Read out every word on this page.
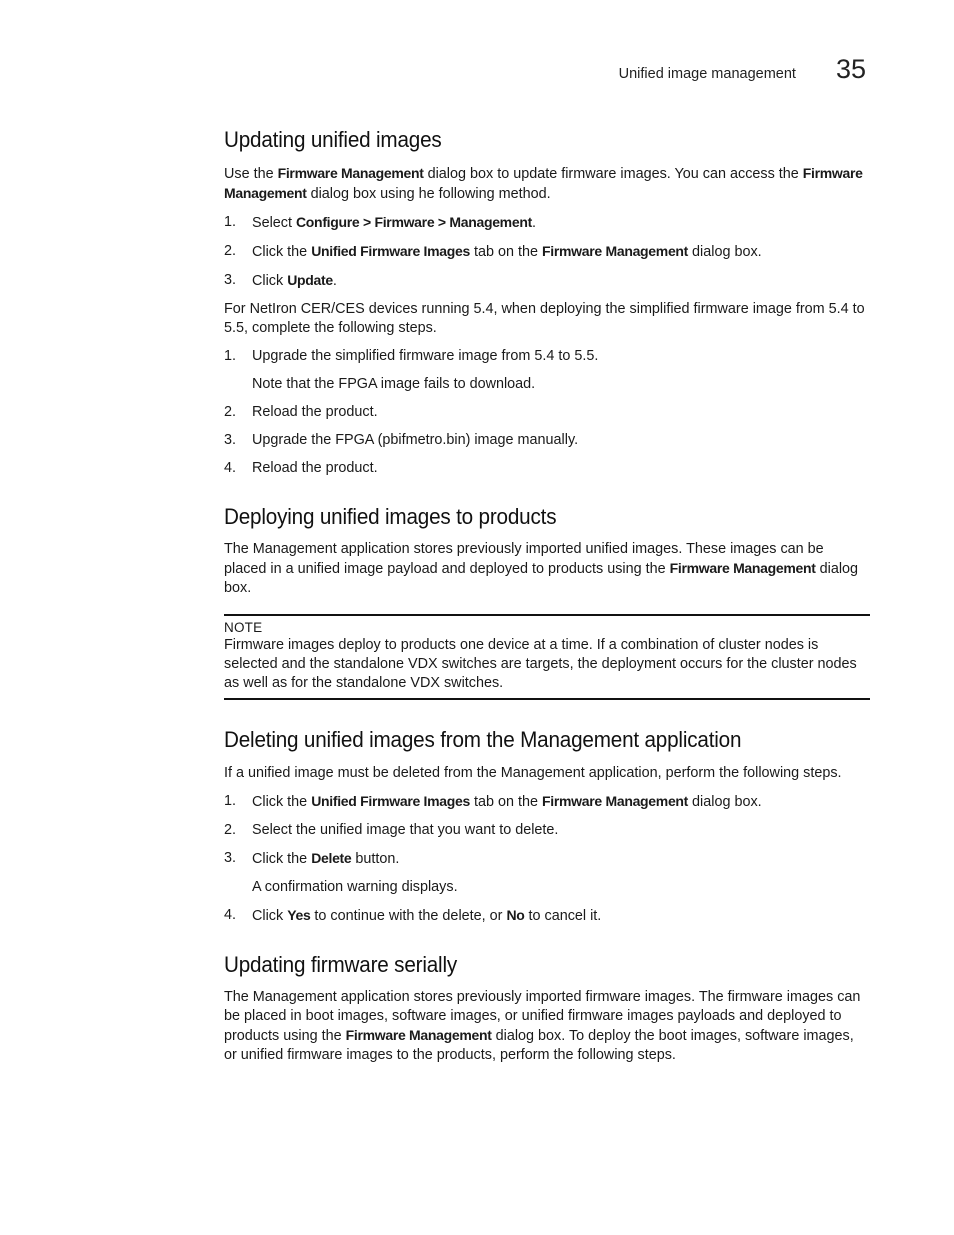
Unified image management 35
Updating unified images

Use the Firmware Management dialog box to update firmware images. You can access the Firmware Management dialog box using he following method.

1. Select Configure > Firmware > Management.
2. Click the Unified Firmware Images tab on the Firmware Management dialog box.
3. Click Update.

For NetIron CER/CES devices running 5.4, when deploying the simplified firmware image from 5.4 to 5.5, complete the following steps.

1. Upgrade the simplified firmware image from 5.4 to 5.5.
Note that the FPGA image fails to download.
2. Reload the product.
3. Upgrade the FPGA (pbifmetro.bin) image manually.
4. Reload the product.
Deploying unified images to products

The Management application stores previously imported unified images. These images can be placed in a unified image payload and deployed to products using the Firmware Management dialog box.

NOTE

Firmware images deploy to products one device at a time. If a combination of cluster nodes is selected and the standalone VDX switches are targets, the deployment occurs for the cluster nodes as well as for the standalone VDX switches.

Deleting unified images from the Management application

If a unified image must be deleted from the Management application, perform the following steps.

1. Click the Unified Firmware Images tab on the Firmware Management dialog box.
2. Select the unified image that you want to delete.
3. Click the Delete button.
A confirmation warning displays.
4. Click Yes to continue with the delete, or No to cancel it.
Updating firmware serially

The Management application stores previously imported firmware images. The firmware images can be placed in boot images, software images, or unified firmware images payloads and deployed to products using the Firmware Management dialog box. To deploy the boot images, software images, or unified firmware images to the products, perform the following steps.
